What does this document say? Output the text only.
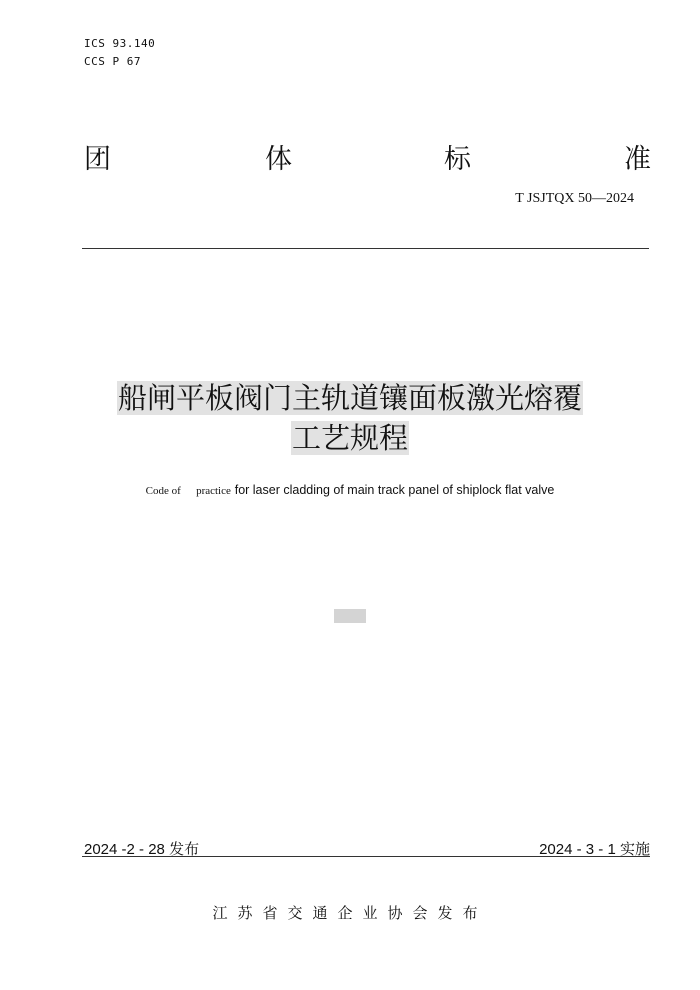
ICS 93.140
CCS P 67
团	体	标	准
T JSJTQX 50—2024
船闸平板阀门主轨道镶面板激光熔覆
工艺规程
Code of practice for laser cladding of main track panel of shiplock flat valve
2024 -2 - 28 发布	2024 - 3 - 1 实施
江苏省交通企业协会发布
